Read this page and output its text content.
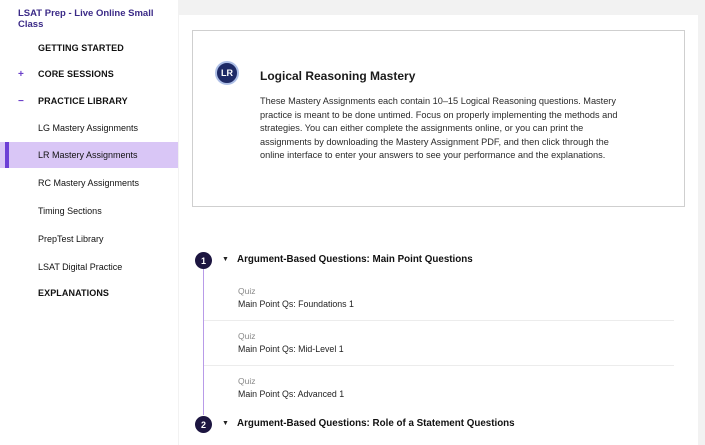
LSAT Prep - Live Online Small Class
GETTING STARTED
+ CORE SESSIONS
− PRACTICE LIBRARY
LG Mastery Assignments
LR Mastery Assignments
RC Mastery Assignments
Timing Sections
PrepTest Library
LSAT Digital Practice
EXPLANATIONS
LR	Logical Reasoning Mastery
These Mastery Assignments each contain 10–15 Logical Reasoning questions. Mastery practice is meant to be done untimed. Focus on properly implementing the methods and strategies. You can either complete the assignments online, or you can print the assignments by downloading the Mastery Assignment PDF, and then click through the online interface to enter your answers to see your performance and the explanations.
1	▼ Argument-Based Questions: Main Point Questions
Quiz
Main Point Qs: Foundations 1
Quiz
Main Point Qs: Mid-Level 1
Quiz
Main Point Qs: Advanced 1
2	▼ Argument-Based Questions: Role of a Statement Questions
